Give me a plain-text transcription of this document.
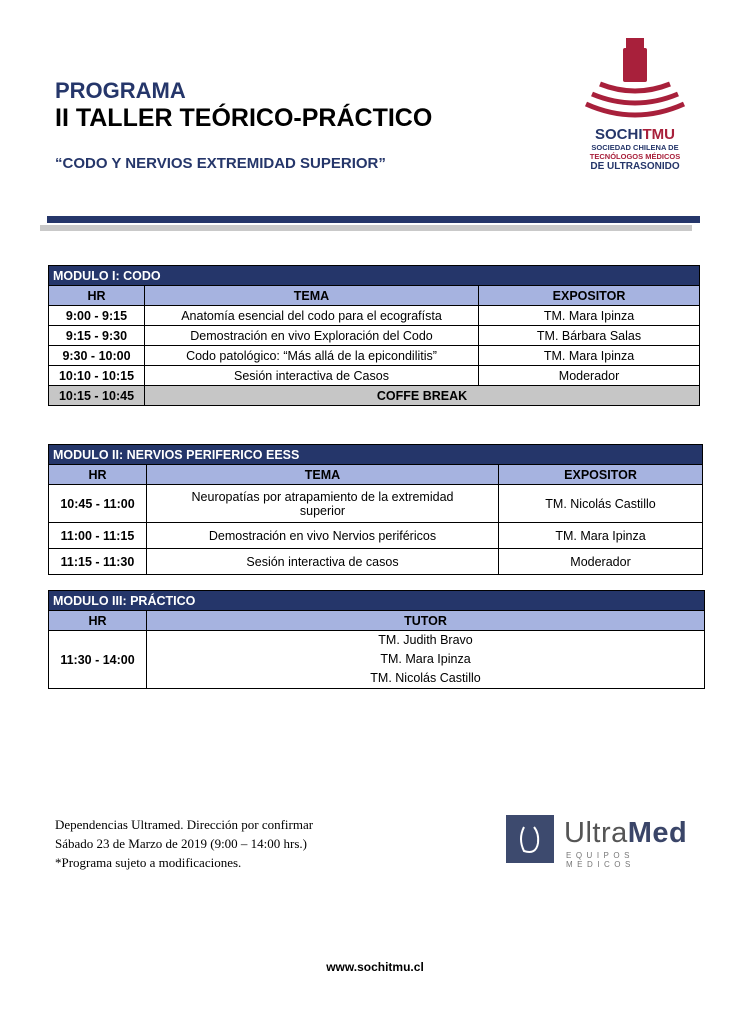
PROGRAMA
II TALLER TEÓRICO-PRÁCTICO
“CODO Y NERVIOS EXTREMIDAD SUPERIOR”
SOCHITMU
SOCIEDAD CHILENA DE
TECNÓLOGOS MÉDICOS
DE ULTRASONIDO
MODULO I: CODO		
HR	TEMA	EXPOSITOR
9:00 - 9:15	Anatomía esencial del codo para el ecografísta	TM. Mara Ipinza
9:15 - 9:30	Demostración en vivo Exploración del Codo	TM. Bárbara Salas
9:30 - 10:00	Codo patológico: “Más allá de la epicondilitis”	TM. Mara Ipinza
10:10 - 10:15	Sesión interactiva de Casos	Moderador
10:15 - 10:45	COFFE BREAK	
MODULO II: NERVIOS PERIFERICO EESS		
HR	TEMA	EXPOSITOR
10:45 - 11:00	Neuropatías por atrapamiento de la extremidad superior	TM. Nicolás Castillo
11:00 - 11:15	Demostración en vivo Nervios periféricos	TM. Mara Ipinza
11:15 - 11:30	Sesión interactiva de casos	Moderador
MODULO III: PRÁCTICO	
HR	TUTOR
11:30 - 14:00	TM. Judith Bravo
TM. Mara Ipinza
TM. Nicolás Castillo
Dependencias Ultramed. Dirección por confirmar
Sábado 23 de Marzo de 2019 (9:00 – 14:00 hrs.)
*Programa sujeto a modificaciones.
UltraMed
EQUIPOS MEDICOS
www.sochitmu.cl
